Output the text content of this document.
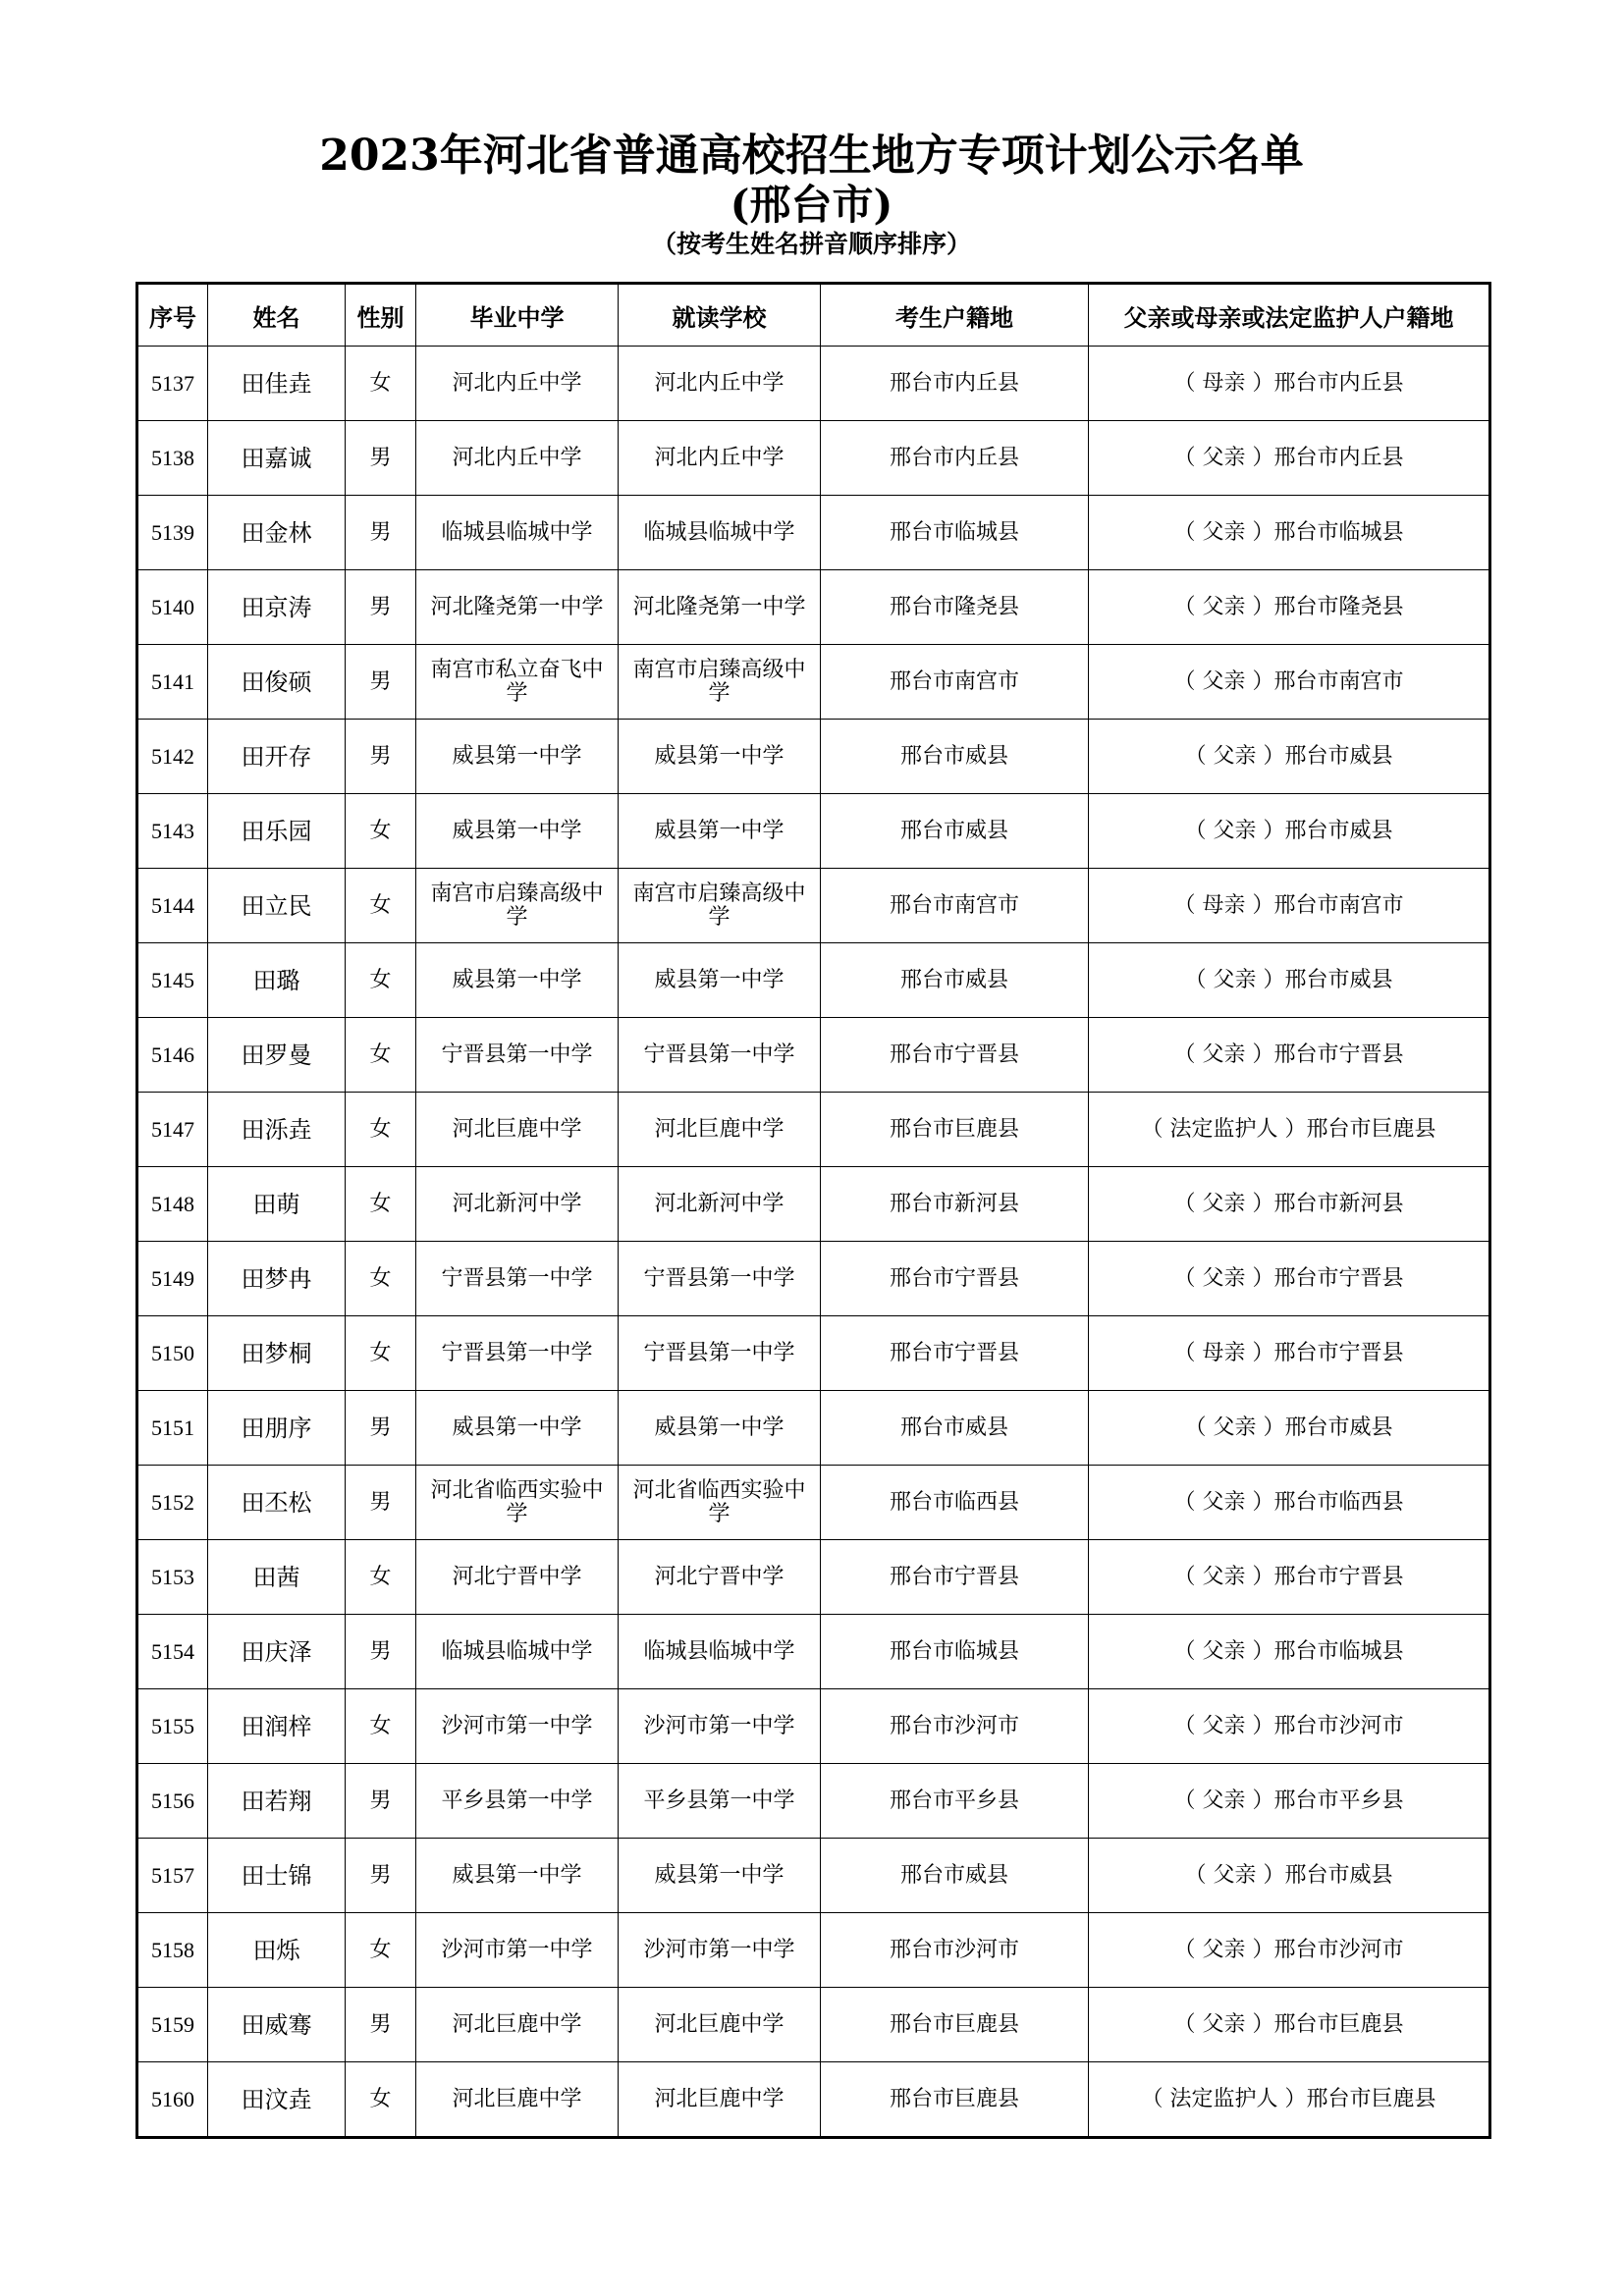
2023年河北省普通高校招生地方专项计划公示名单
(邢台市)
（按考生姓名拼音顺序排序）
序号	姓名	性别	毕业中学	就读学校	考生户籍地	父亲或母亲或法定监护人户籍地
5137	田佳垚	女	河北内丘中学	河北内丘中学	邢台市内丘县	（ 母亲 ）邢台市内丘县
5138	田嘉诚	男	河北内丘中学	河北内丘中学	邢台市内丘县	（ 父亲 ）邢台市内丘县
5139	田金林	男	临城县临城中学	临城县临城中学	邢台市临城县	（ 父亲 ）邢台市临城县
5140	田京涛	男	河北隆尧第一中学	河北隆尧第一中学	邢台市隆尧县	（ 父亲 ）邢台市隆尧县
5141	田俊硕	男	南宫市私立奋飞中学	南宫市启臻高级中学	邢台市南宫市	（ 父亲 ）邢台市南宫市
5142	田开存	男	威县第一中学	威县第一中学	邢台市威县	（ 父亲 ）邢台市威县
5143	田乐园	女	威县第一中学	威县第一中学	邢台市威县	（ 父亲 ）邢台市威县
5144	田立民	女	南宫市启臻高级中学	南宫市启臻高级中学	邢台市南宫市	（ 母亲 ）邢台市南宫市
5145	田璐	女	威县第一中学	威县第一中学	邢台市威县	（ 父亲 ）邢台市威县
5146	田罗曼	女	宁晋县第一中学	宁晋县第一中学	邢台市宁晋县	（ 父亲 ）邢台市宁晋县
5147	田泺垚	女	河北巨鹿中学	河北巨鹿中学	邢台市巨鹿县	（ 法定监护人 ）邢台市巨鹿县
5148	田萌	女	河北新河中学	河北新河中学	邢台市新河县	（ 父亲 ）邢台市新河县
5149	田梦冉	女	宁晋县第一中学	宁晋县第一中学	邢台市宁晋县	（ 父亲 ）邢台市宁晋县
5150	田梦桐	女	宁晋县第一中学	宁晋县第一中学	邢台市宁晋县	（ 母亲 ）邢台市宁晋县
5151	田朋序	男	威县第一中学	威县第一中学	邢台市威县	（ 父亲 ）邢台市威县
5152	田丕松	男	河北省临西实验中学	河北省临西实验中学	邢台市临西县	（ 父亲 ）邢台市临西县
5153	田茜	女	河北宁晋中学	河北宁晋中学	邢台市宁晋县	（ 父亲 ）邢台市宁晋县
5154	田庆泽	男	临城县临城中学	临城县临城中学	邢台市临城县	（ 父亲 ）邢台市临城县
5155	田润梓	女	沙河市第一中学	沙河市第一中学	邢台市沙河市	（ 父亲 ）邢台市沙河市
5156	田若翔	男	平乡县第一中学	平乡县第一中学	邢台市平乡县	（ 父亲 ）邢台市平乡县
5157	田士锦	男	威县第一中学	威县第一中学	邢台市威县	（ 父亲 ）邢台市威县
5158	田烁	女	沙河市第一中学	沙河市第一中学	邢台市沙河市	（ 父亲 ）邢台市沙河市
5159	田威骞	男	河北巨鹿中学	河北巨鹿中学	邢台市巨鹿县	（ 父亲 ）邢台市巨鹿县
5160	田汶垚	女	河北巨鹿中学	河北巨鹿中学	邢台市巨鹿县	（ 法定监护人 ）邢台市巨鹿县
